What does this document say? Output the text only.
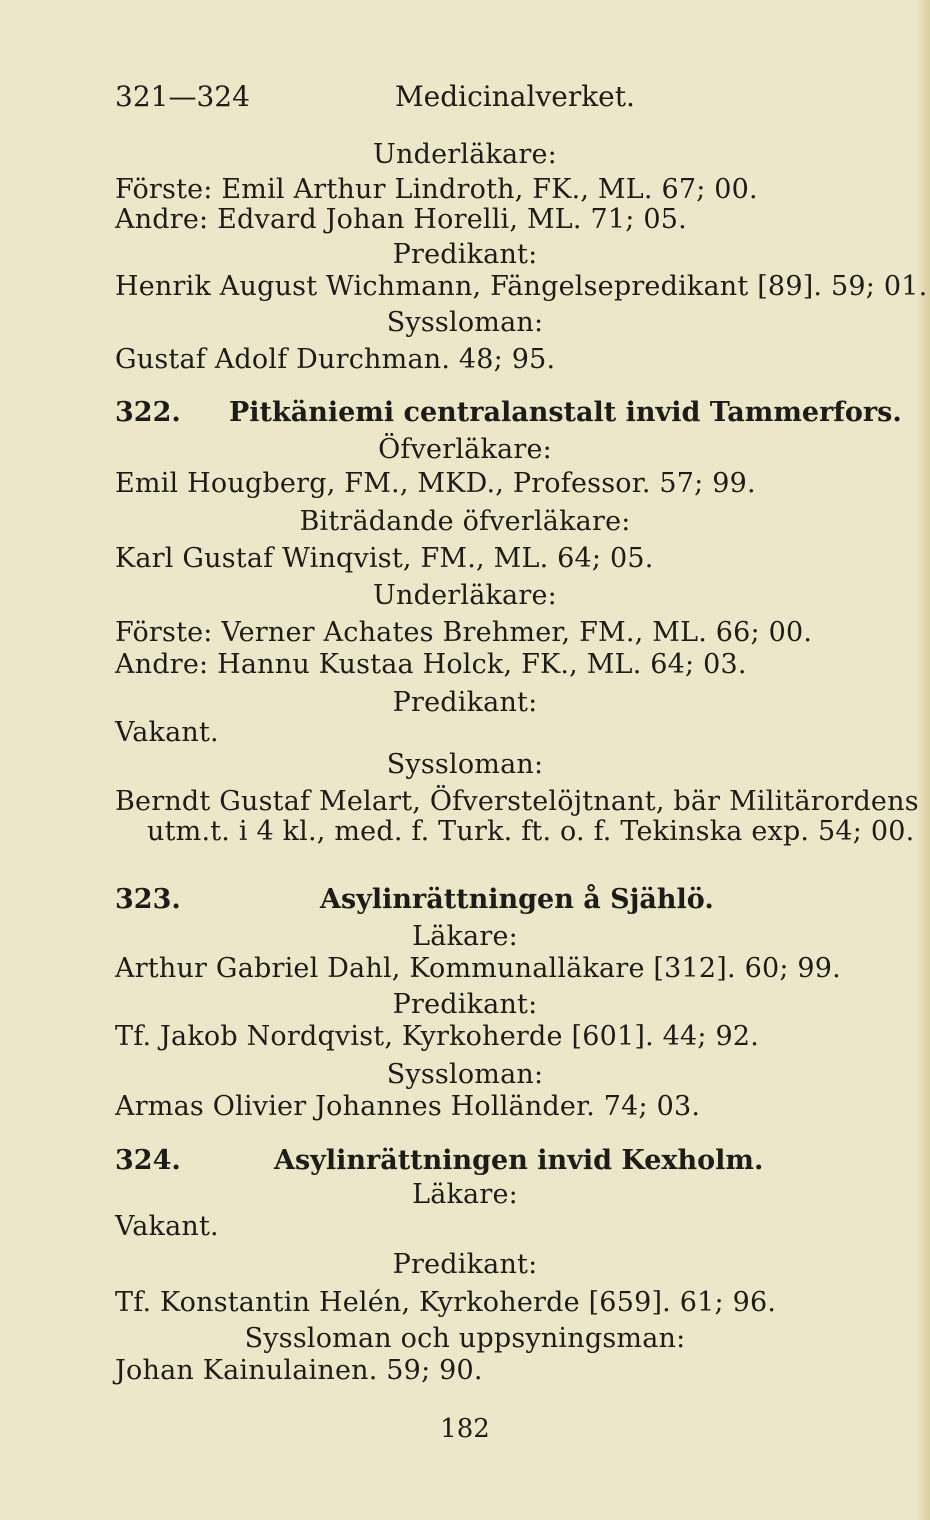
321—324	Medicinalverket.
Underläkare:
Förste: Emil Arthur Lindroth, FK., ML. 67; 00.
Andre: Edvard Johan Horelli, ML. 71; 05.
Predikant:
Henrik August Wichmann, Fängelsepredikant [89]. 59; 01.
Syssloman:
Gustaf Adolf Durchman. 48; 95.
322. Pitkäniemi centralanstalt invid Tammerfors.
Öfverläkare:
Emil Hougberg, FM., MKD., Professor. 57; 99.
Biträdande öfverläkare:
Karl Gustaf Winqvist, FM., ML. 64; 05.
Underläkare:
Förste: Verner Achates Brehmer, FM., ML. 66; 00.
Andre: Hannu Kustaa Holck, FK., ML. 64; 03.
Predikant:
Vakant.
Syssloman:
Berndt Gustaf Melart, Öfverstelöjtnant, bär Militärordens
utm.t. i 4 kl., med. f. Turk. ft. o. f. Tekinska exp. 54; 00.
323.	Asylinrättningen å Sjählö.
Läkare:
Arthur Gabriel Dahl, Kommunalläkare [312]. 60; 99.
Predikant:
Tf. Jakob Nordqvist, Kyrkoherde [601]. 44; 92.
Syssloman:
Armas Olivier Johannes Holländer. 74; 03.
324.	Asylinrättningen invid Kexholm.
Läkare:
Vakant.
Predikant:
Tf. Konstantin Helén, Kyrkoherde [659]. 61; 96.
Syssloman och uppsyningsman:
Johan Kainulainen. 59; 90.
182
